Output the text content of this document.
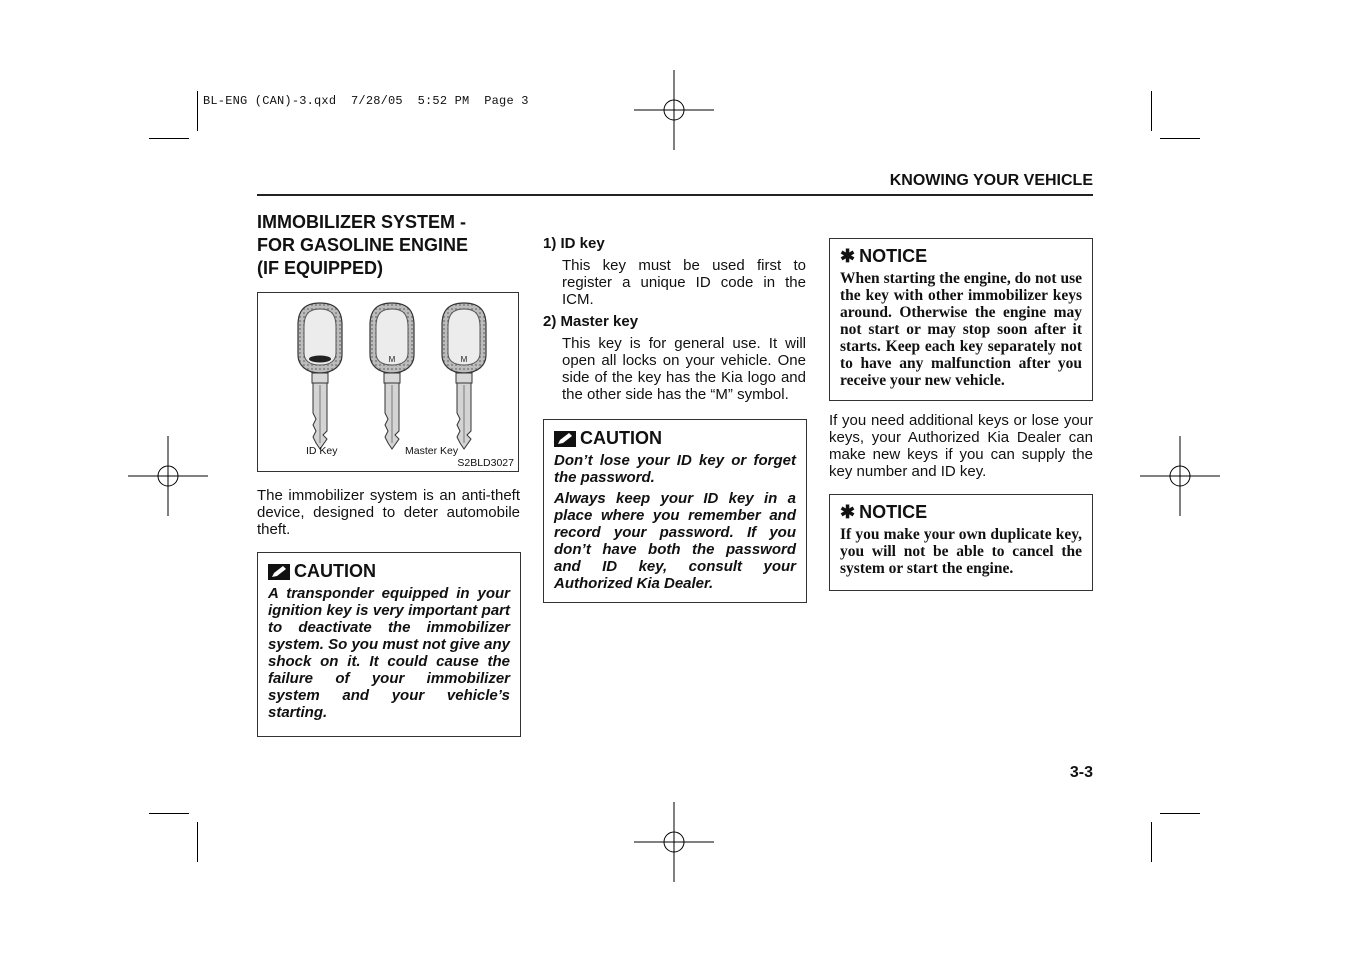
BL-ENG (CAN)-3.qxd  7/28/05  5:52 PM  Page 3
KNOWING YOUR VEHICLE
IMMOBILIZER SYSTEM -
FOR GASOLINE ENGINE
(IF EQUIPPED)
M	M
ID Key	Master Key
S2BLD3027
The immobilizer system is an anti-theft device, designed to deter automobile theft.
CAUTION
A transponder equipped in your ignition key is very important part to deactivate the immobilizer system. So you must not give any shock on it. It could cause the failure of your immobilizer system and your vehicle’s starting.
1) ID key
This key must be used first to register a unique ID code in the ICM.
2) Master key
This key is for general use. It will open all locks on your vehicle. One side of the key has the Kia logo and the other side has the “M” symbol.
CAUTION
Don’t lose your ID key or forget the password.
Always keep your ID key in a place where you remember and record your password. If you don’t have both the password and ID key, consult your Authorized Kia Dealer.
✱ NOTICE
When starting the engine, do not use the key with other immobilizer keys around. Otherwise the engine may not start or may stop soon after it starts. Keep each key separately not to have any malfunction after you receive your new vehicle.
If you need additional keys or lose your keys, your Authorized Kia Dealer can make new keys if you can supply the key number and ID key.
✱ NOTICE
If you make your own duplicate key, you will not be able to cancel the system or start the engine.
3-3
